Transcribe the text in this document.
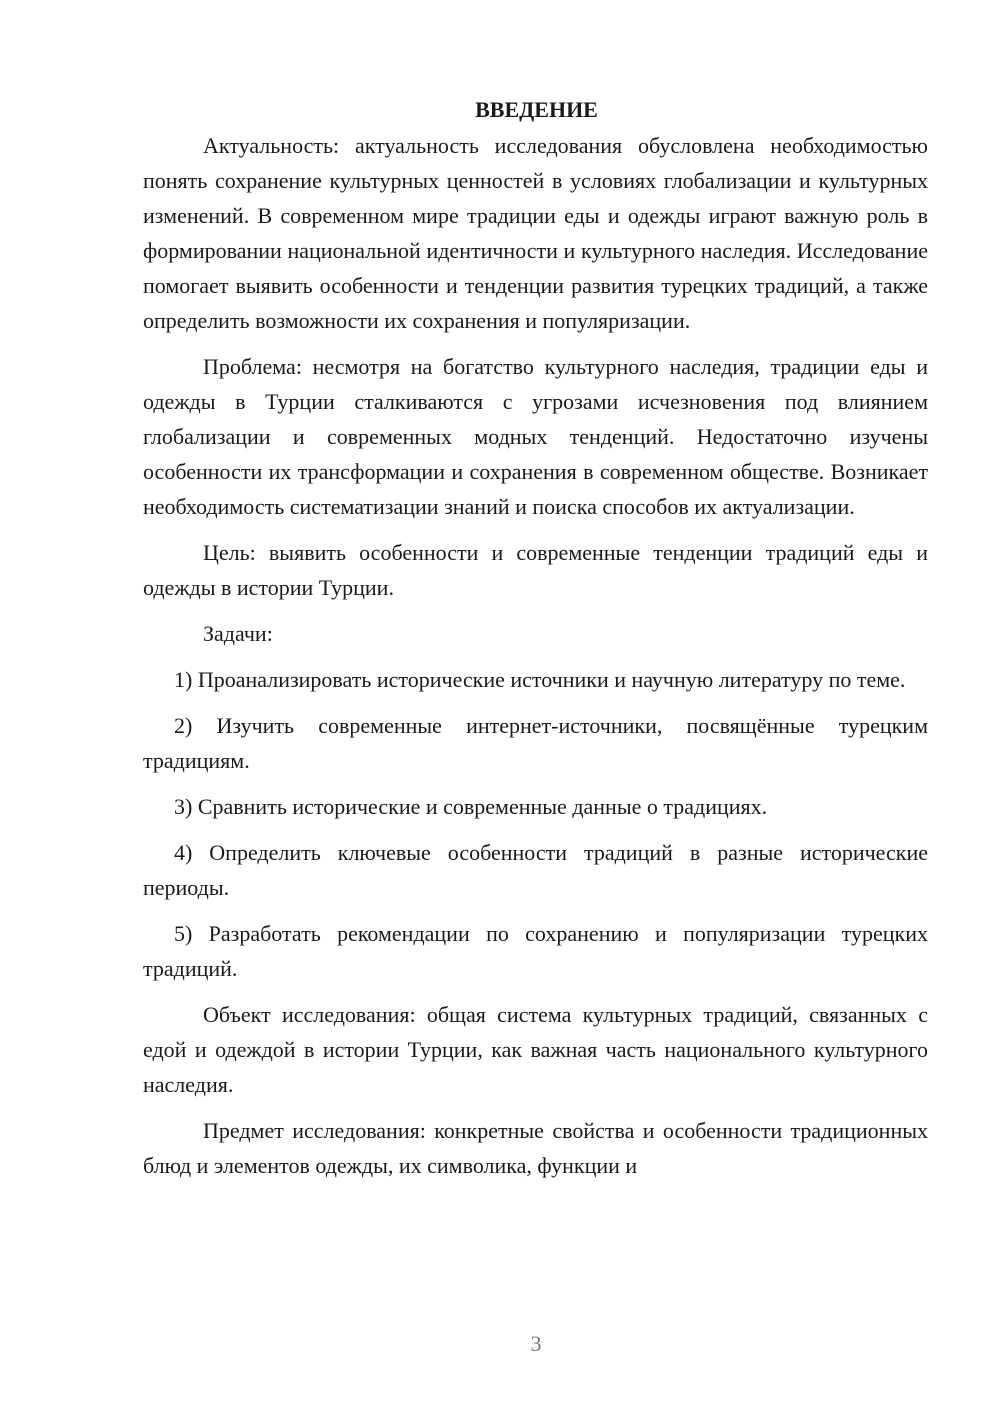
ВВЕДЕНИЕ

Актуальность: актуальность исследования обусловлена необходимостью понять сохранение культурных ценностей в условиях глобализации и культурных изменений. В современном мире традиции еды и одежды играют важную роль в формировании национальной идентичности и культурного наследия. Исследование помогает выявить особенности и тенденции развития турецких традиций, а также определить возможности их сохранения и популяризации.

Проблема: несмотря на богатство культурного наследия, традиции еды и одежды в Турции сталкиваются с угрозами исчезновения под влиянием глобализации и современных модных тенденций. Недостаточно изучены особенности их трансформации и сохранения в современном обществе. Возникает необходимость систематизации знаний и поиска способов их актуализации.

Цель: выявить особенности и современные тенденции традиций еды и одежды в истории Турции.

Задачи:

1) Проанализировать исторические источники и научную литературу по теме.

2) Изучить современные интернет-источники, посвящённые турецким традициям.

3) Сравнить исторические и современные данные о традициях.

4) Определить ключевые особенности традиций в разные исторические периоды.

5) Разработать рекомендации по сохранению и популяризации турецких традиций.

Объект исследования: общая система культурных традиций, связанных с едой и одеждой в истории Турции, как важная часть национального культурного наследия.

Предмет исследования: конкретные свойства и особенности традиционных блюд и элементов одежды, их символика, функции и

3
